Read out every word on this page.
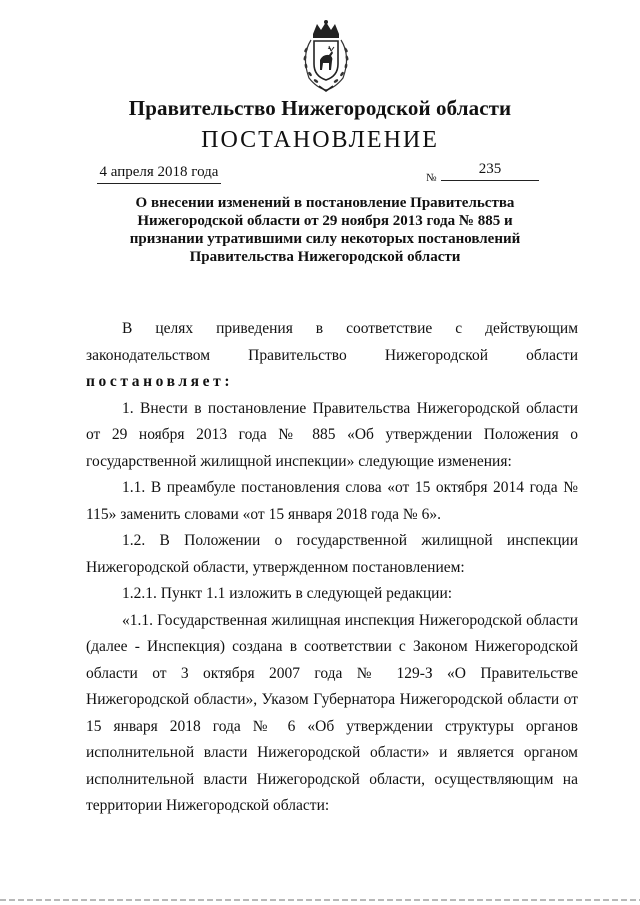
Правительство Нижегородской области
ПОСТАНОВЛЕНИЕ
4 апреля 2018 года	№
235
О внесении изменений в постановление Правительства
Нижегородской области от 29 ноября 2013 года № 885 и
признании утратившими силу некоторых постановлений
Правительства Нижегородской области

В целях приведения в соответствие с действующим

законодательством Правительство Нижегородской области

постановляет:

1. Внести в постановление Правительства Нижегородской области от 29 ноября 2013 года № 885 «Об утверждении Положения о государственной жилищной инспекции» следующие изменения:

1.1. В преамбуле постановления слова «от 15 октября 2014 года № 115» заменить словами «от 15 января 2018 года № 6».

1.2. В Положении о государственной жилищной инспекции Нижегородской области, утвержденном постановлением:

1.2.1. Пункт 1.1 изложить в следующей редакции:

«1.1. Государственная жилищная инспекция Нижегородской области (далее - Инспекция) создана в соответствии с Законом Нижегородской области от 3 октября 2007 года № 129-З «О Правительстве Нижегородской области», Указом Губернатора Нижегородской области от 15 января 2018 года № 6 «Об утверждении структуры органов исполнительной власти Нижегородской области» и является органом исполнительной власти Нижегородской области, осуществляющим на территории Нижегородской области:
